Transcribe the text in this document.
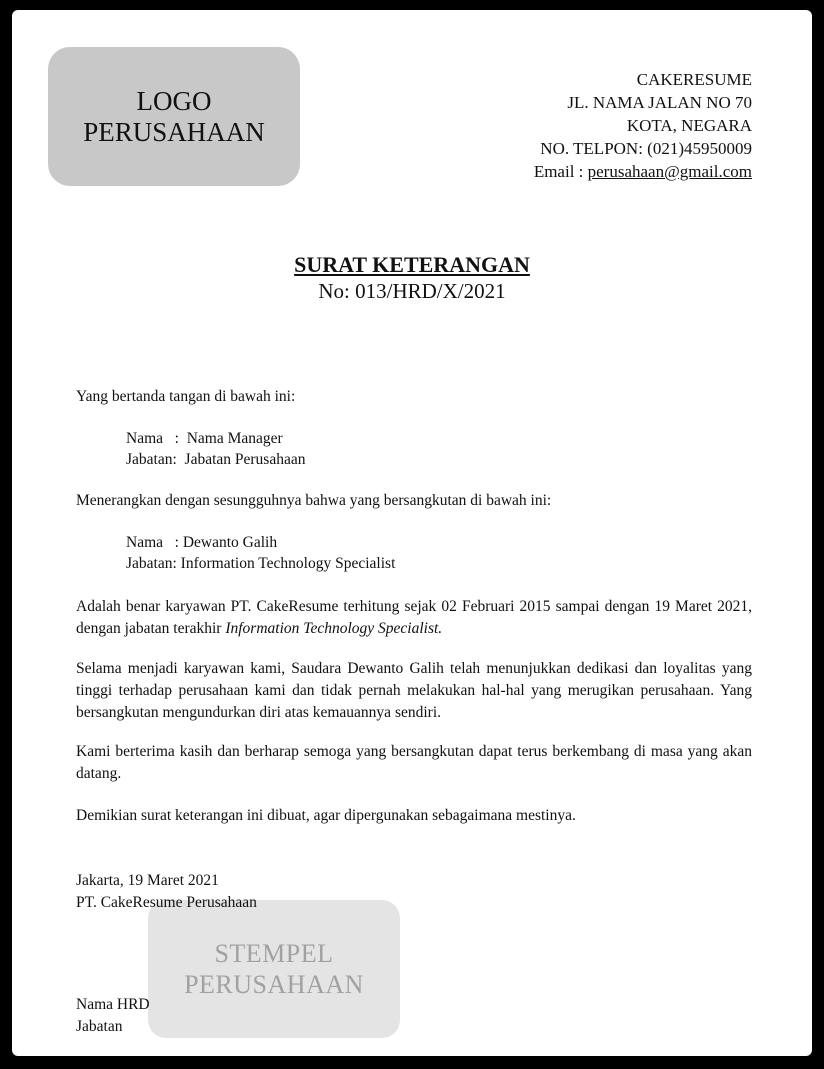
LOGO
PERUSAHAAN
CAKERESUME
JL. NAMA JALAN NO 70
KOTA, NEGARA
NO. TELPON: (021)45950009
Email : perusahaan@gmail.com
SURAT KETERANGAN
No: 013/HRD/X/2021
Yang bertanda tangan di bawah ini:
Nama   :  Nama Manager
Jabatan:  Jabatan Perusahaan
Menerangkan dengan sesungguhnya bahwa yang bersangkutan di bawah ini:
Nama   : Dewanto Galih
Jabatan: Information Technology Specialist
Adalah benar karyawan PT. CakeResume terhitung sejak 02 Februari 2015 sampai dengan 19 Maret 2021, dengan jabatan terakhir Information Technology Specialist.
Selama menjadi karyawan kami, Saudara Dewanto Galih telah menunjukkan dedikasi dan loyalitas yang tinggi terhadap perusahaan kami dan tidak pernah melakukan hal-hal yang merugikan perusahaan. Yang bersangkutan mengundurkan diri atas kemauannya sendiri.
Kami berterima kasih dan berharap semoga yang bersangkutan dapat terus berkembang di masa yang akan datang.
Demikian surat keterangan ini dibuat, agar dipergunakan sebagaimana mestinya.
STEMPEL
PERUSAHAAN
Jakarta, 19 Maret 2021
PT. CakeResume Perusahaan
Nama HRD
Jabatan
